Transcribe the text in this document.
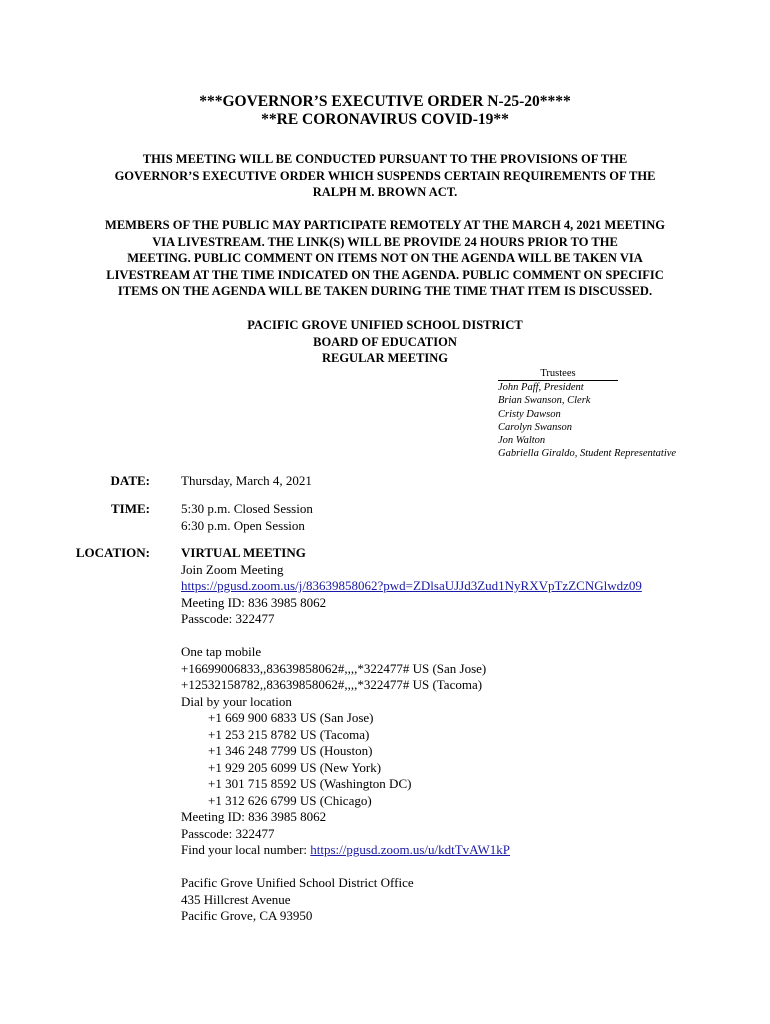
***GOVERNOR’S EXECUTIVE ORDER N-25-20****
**RE CORONAVIRUS COVID-19**
THIS MEETING WILL BE CONDUCTED PURSUANT TO THE PROVISIONS OF THE
GOVERNOR’S EXECUTIVE ORDER WHICH SUSPENDS CERTAIN REQUIREMENTS OF THE
RALPH M. BROWN ACT.
MEMBERS OF THE PUBLIC MAY PARTICIPATE REMOTELY AT THE MARCH 4, 2021 MEETING
VIA LIVESTREAM. THE LINK(S) WILL BE PROVIDE 24 HOURS PRIOR TO THE
MEETING. PUBLIC COMMENT ON ITEMS NOT ON THE AGENDA WILL BE TAKEN VIA
LIVESTREAM AT THE TIME INDICATED ON THE AGENDA. PUBLIC COMMENT ON SPECIFIC
ITEMS ON THE AGENDA WILL BE TAKEN DURING THE TIME THAT ITEM IS DISCUSSED.
PACIFIC GROVE UNIFIED SCHOOL DISTRICT
BOARD OF EDUCATION
REGULAR MEETING
Trustees
John Paff, President
Brian Swanson, Clerk
Cristy Dawson
Carolyn Swanson
Jon Walton
Gabriella Giraldo, Student Representative
DATE: Thursday, March 4, 2021
TIME: 5:30 p.m. Closed Session
6:30 p.m. Open Session
LOCATION: VIRTUAL MEETING
Join Zoom Meeting
https://pgusd.zoom.us/j/83639858062?pwd=ZDlsaUJJd3Zud1NyRXVpTzZCNGlwdz09
Meeting ID: 836 3985 8062
Passcode: 322477
One tap mobile
+16699006833,,83639858062#,,,,*322477# US (San Jose)
+12532158782,,83639858062#,,,,*322477# US (Tacoma)
Dial by your location
+1 669 900 6833 US (San Jose)
+1 253 215 8782 US (Tacoma)
+1 346 248 7799 US (Houston)
+1 929 205 6099 US (New York)
+1 301 715 8592 US (Washington DC)
+1 312 626 6799 US (Chicago)
Meeting ID: 836 3985 8062
Passcode: 322477
Find your local number: https://pgusd.zoom.us/u/kdtTvAW1kP
Pacific Grove Unified School District Office
435 Hillcrest Avenue
Pacific Grove, CA 93950
